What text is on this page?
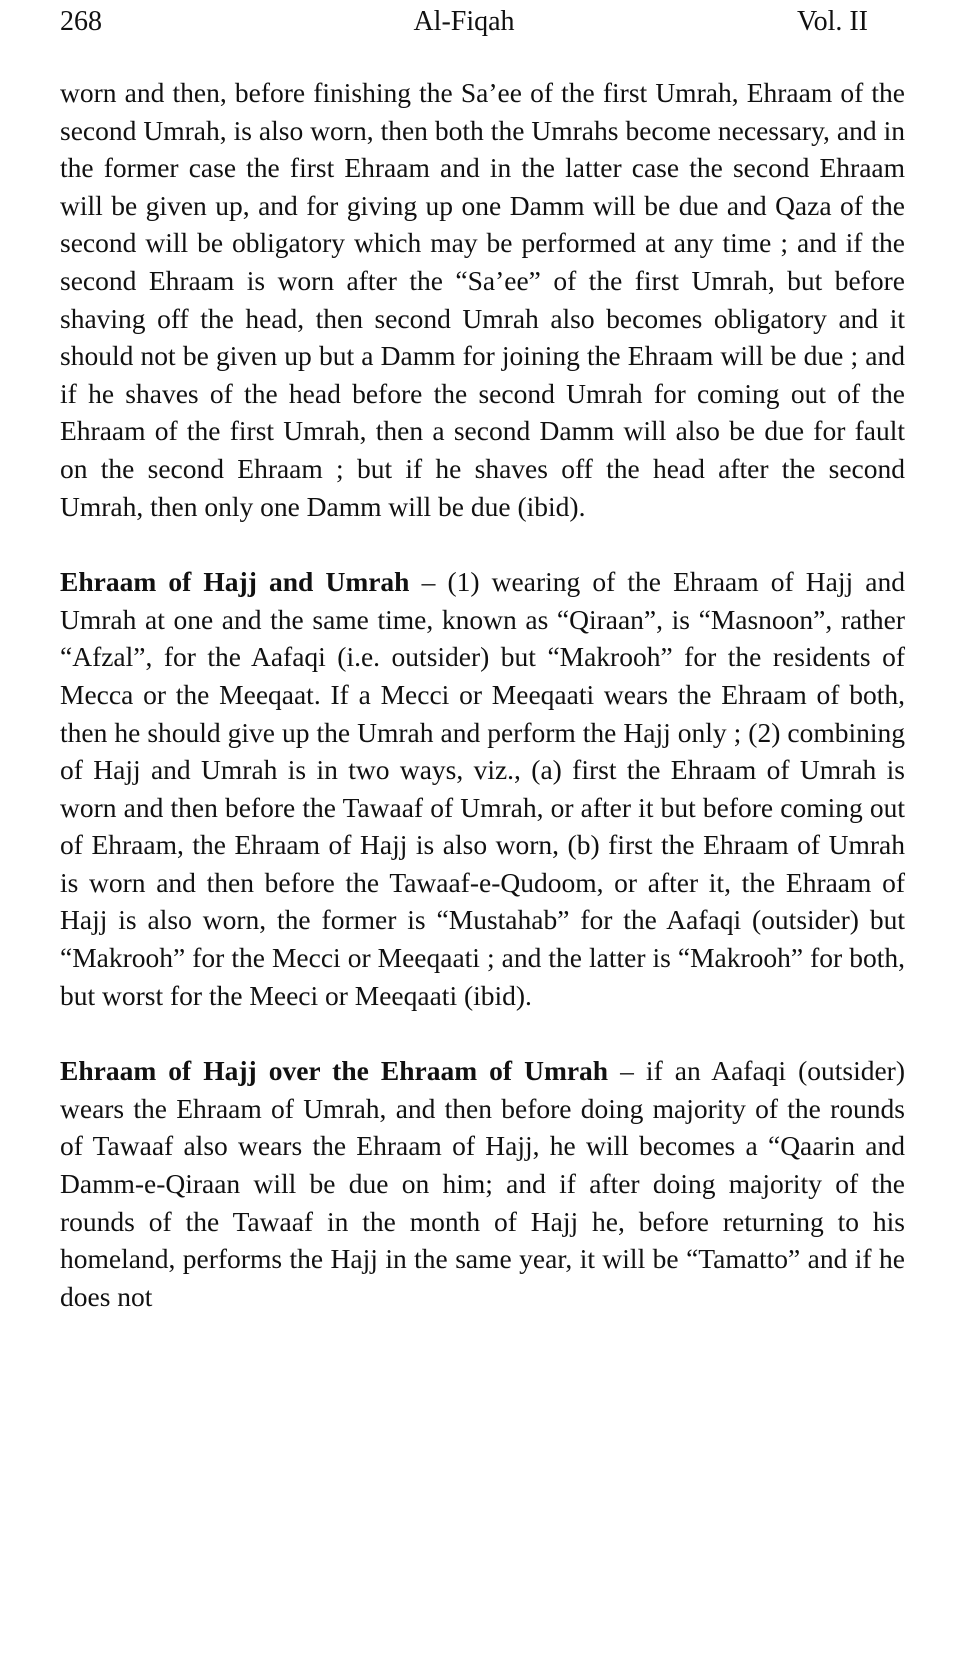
268	Al-Fiqah	Vol. II

worn and then, before finishing the Sa’ee of the first Umrah, Ehraam of the second Umrah, is also worn, then both the Umrahs become necessary, and in the former case the first Ehraam and in the latter case the second Ehraam will be given up, and for giving up one Damm will be due and Qaza of the second will be obligatory which may be performed at any time ; and if the second Ehraam is worn after the “Sa’ee” of the first Umrah, but before shaving off the head, then second Umrah also becomes obligatory and it should not be given up but a Damm for joining the Ehraam will be due ; and if he shaves of the head before the second Umrah for coming out of the Ehraam of the first Umrah, then a second Damm will also be due for fault on the second Ehraam ; but if he shaves off the head after the second Umrah, then only one Damm will be due (ibid).

Ehraam of Hajj and Umrah – (1) wearing of the Ehraam of Hajj and Umrah at one and the same time, known as “Qiraan”, is “Masnoon”, rather “Afzal”, for the Aafaqi (i.e. outsider) but “Makrooh” for the residents of Mecca or the Meeqaat. If a Mecci or Meeqaati wears the Ehraam of both, then he should give up the Umrah and perform the Hajj only ; (2) combining of Hajj and Umrah is in two ways, viz., (a) first the Ehraam of Umrah is worn and then before the Tawaaf of Umrah, or after it but before coming out of Ehraam, the Ehraam of Hajj is also worn, (b) first the Ehraam of Umrah is worn and then before the Tawaaf-e-Qudoom, or after it, the Ehraam of Hajj is also worn, the former is “Mustahab” for the Aafaqi (outsider) but “Makrooh” for the Mecci or Meeqaati ; and the latter is “Makrooh” for both, but worst for the Meeci or Meeqaati (ibid).

Ehraam of Hajj over the Ehraam of Umrah – if an Aafaqi (outsider) wears the Ehraam of Umrah, and then before doing majority of the rounds of Tawaaf also wears the Ehraam of Hajj, he will becomes a “Qaarin and Damm-e-Qiraan will be due on him; and if after doing majority of the rounds of the Tawaaf in the month of Hajj he, before returning to his homeland, performs the Hajj in the same year, it will be “Tamatto” and if he does not
